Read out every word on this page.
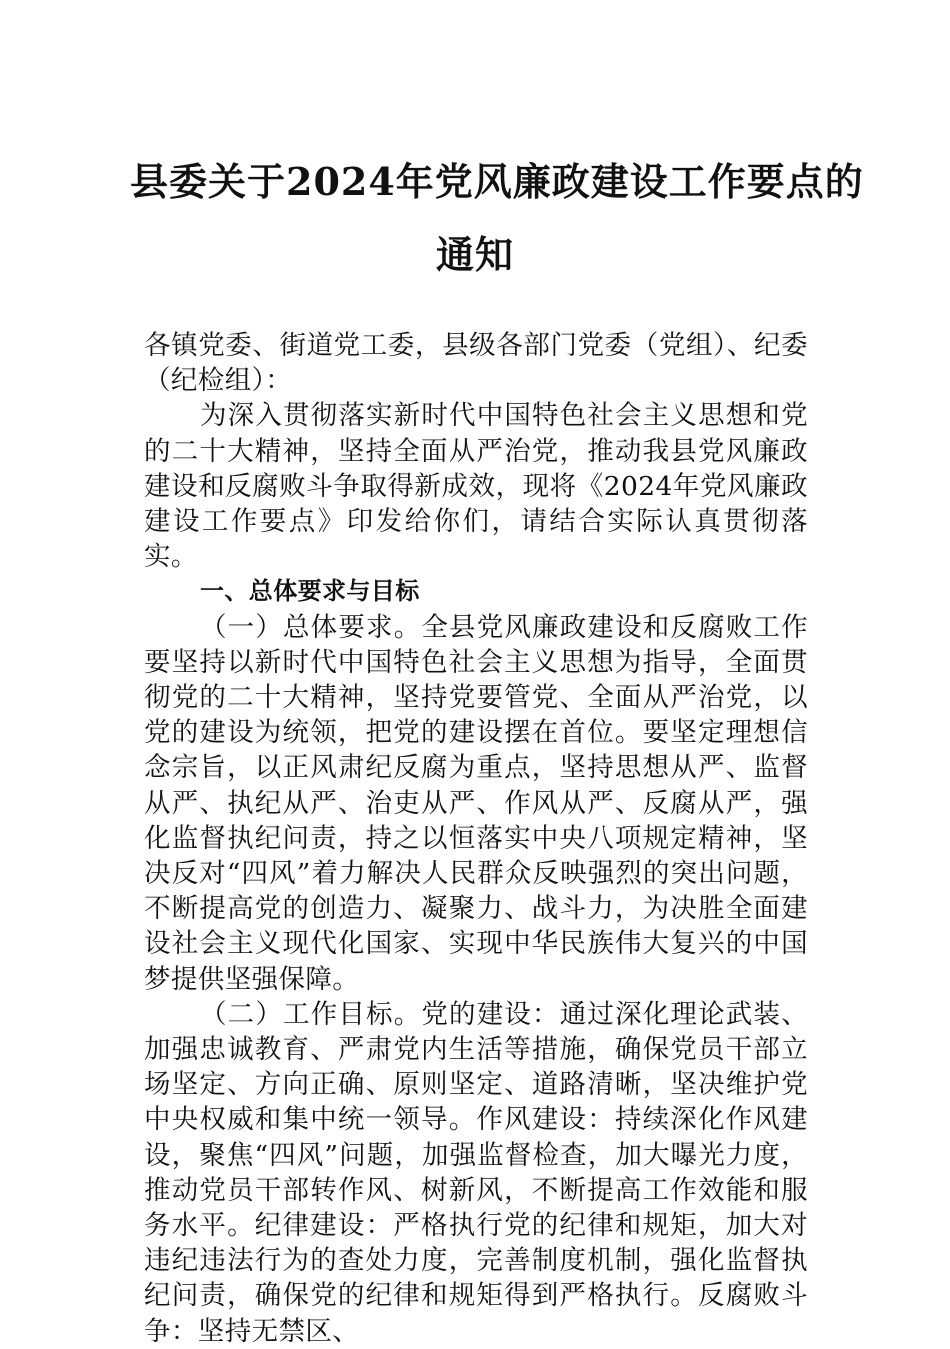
县委关于2024年党风廉政建设工作要点的
通知

各镇党委、街道党工委，县级各部门党委（党组）、纪委（纪检组）：

为深入贯彻落实新时代中国特色社会主义思想和党的二十大精神，坚持全面从严治党，推动我县党风廉政建设和反腐败斗争取得新成效，现将《2024年党风廉政建设工作要点》印发给你们，请结合实际认真贯彻落实。

一、总体要求与目标

（一）总体要求。全县党风廉政建设和反腐败工作要坚持以新时代中国特色社会主义思想为指导，全面贯彻党的二十大精神，坚持党要管党、全面从严治党，以党的建设为统领，把党的建设摆在首位。要坚定理想信念宗旨，以正风肃纪反腐为重点，坚持思想从严、监督从严、执纪从严、治吏从严、作风从严、反腐从严，强化监督执纪问责，持之以恒落实中央八项规定精神，坚决反对“四风”着力解决人民群众反映强烈的突出问题，不断提高党的创造力、凝聚力、战斗力，为决胜全面建设社会主义现代化国家、实现中华民族伟大复兴的中国梦提供坚强保障。

（二）工作目标。党的建设：通过深化理论武装、加强忠诚教育、严肃党内生活等措施，确保党员干部立场坚定、方向正确、原则坚定、道路清晰，坚决维护党中央权威和集中统一领导。作风建设：持续深化作风建设，聚焦“四风”问题，加强监督检查，加大曝光力度，推动党员干部转作风、树新风，不断提高工作效能和服务水平。纪律建设：严格执行党的纪律和规矩，加大对违纪违法行为的查处力度，完善制度机制，强化监督执纪问责，确保党的纪律和规矩得到严格执行。反腐败斗争：坚持无禁区、
